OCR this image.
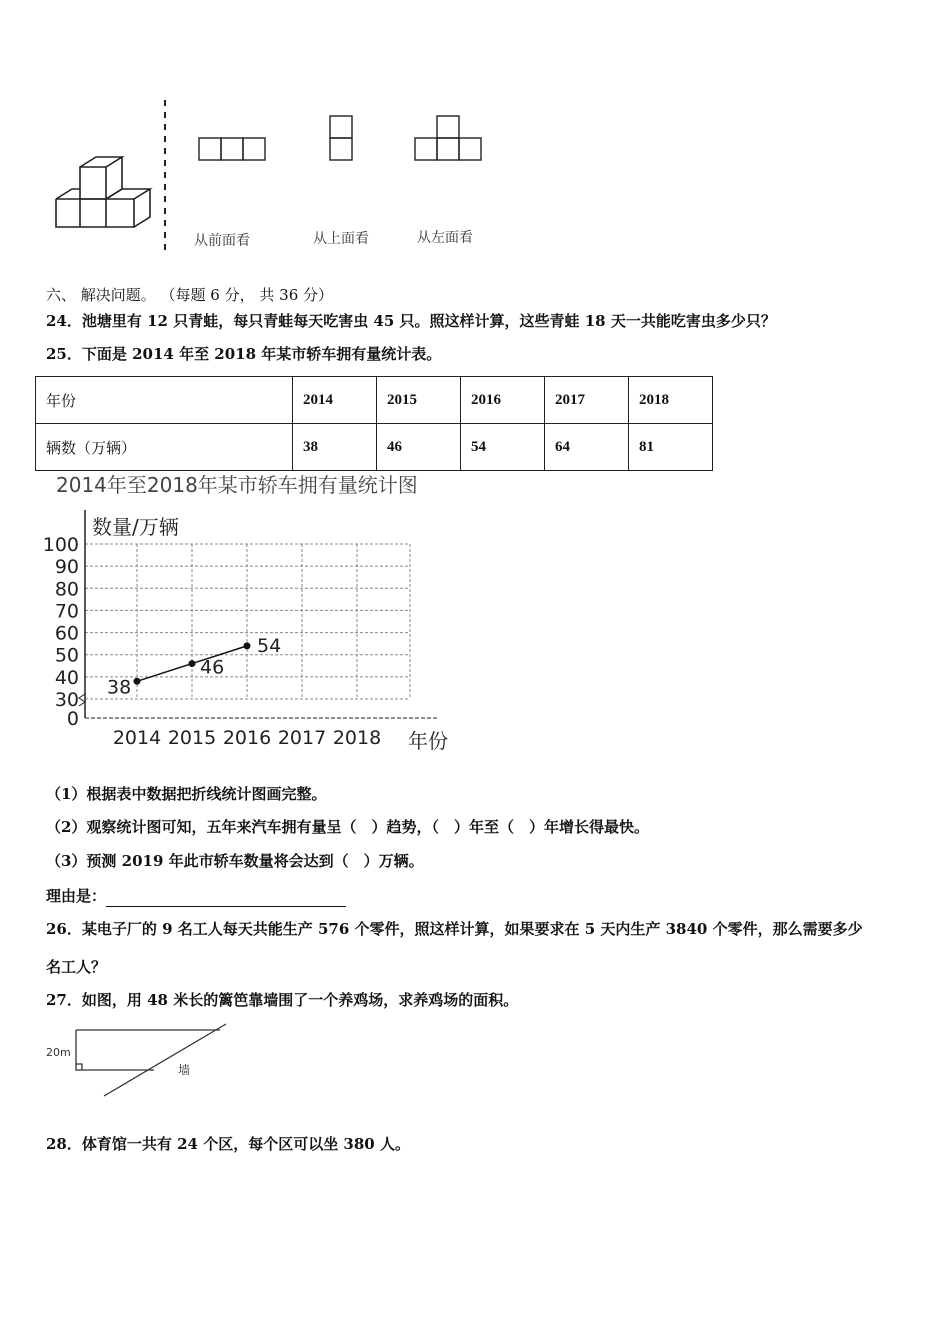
从前面看	从上面看	从左面看
六、 解决问题。 （每题 6 分， 共 36 分）
24．池塘里有 12 只青蛙，每只青蛙每天吃害虫 45 只。照这样计算，这些青蛙 18 天一共能吃害虫多少只？
25．下面是 2014 年至 2018 年某市轿车拥有量统计表。
年份	2014	2015	2016	2017	2018
辆数（万辆）	38	46	54	64	81
2014年至2018年某市轿车拥有量统计图
数量/万辆
年份
0
30
40
50
60
70
80
90
100
2014 2015 2016 2017 2018
38
46
54
（1）根据表中数据把折线统计图画完整。
（2）观察统计图可知，五年来汽车拥有量呈（　）趋势，（　）年至（　）年增长得最快。
（3）预测 2019 年此市轿车数量将会达到（　）万辆。
理由是：
26．某电子厂的 9 名工人每天共能生产 576 个零件，照这样计算，如果要求在 5 天内生产 3840 个零件，那么需要多少
名工人？
27．如图，用 48 米长的篱笆靠墙围了一个养鸡场，求养鸡场的面积。
20m
墙
28．体育馆一共有 24 个区，每个区可以坐 380 人。
